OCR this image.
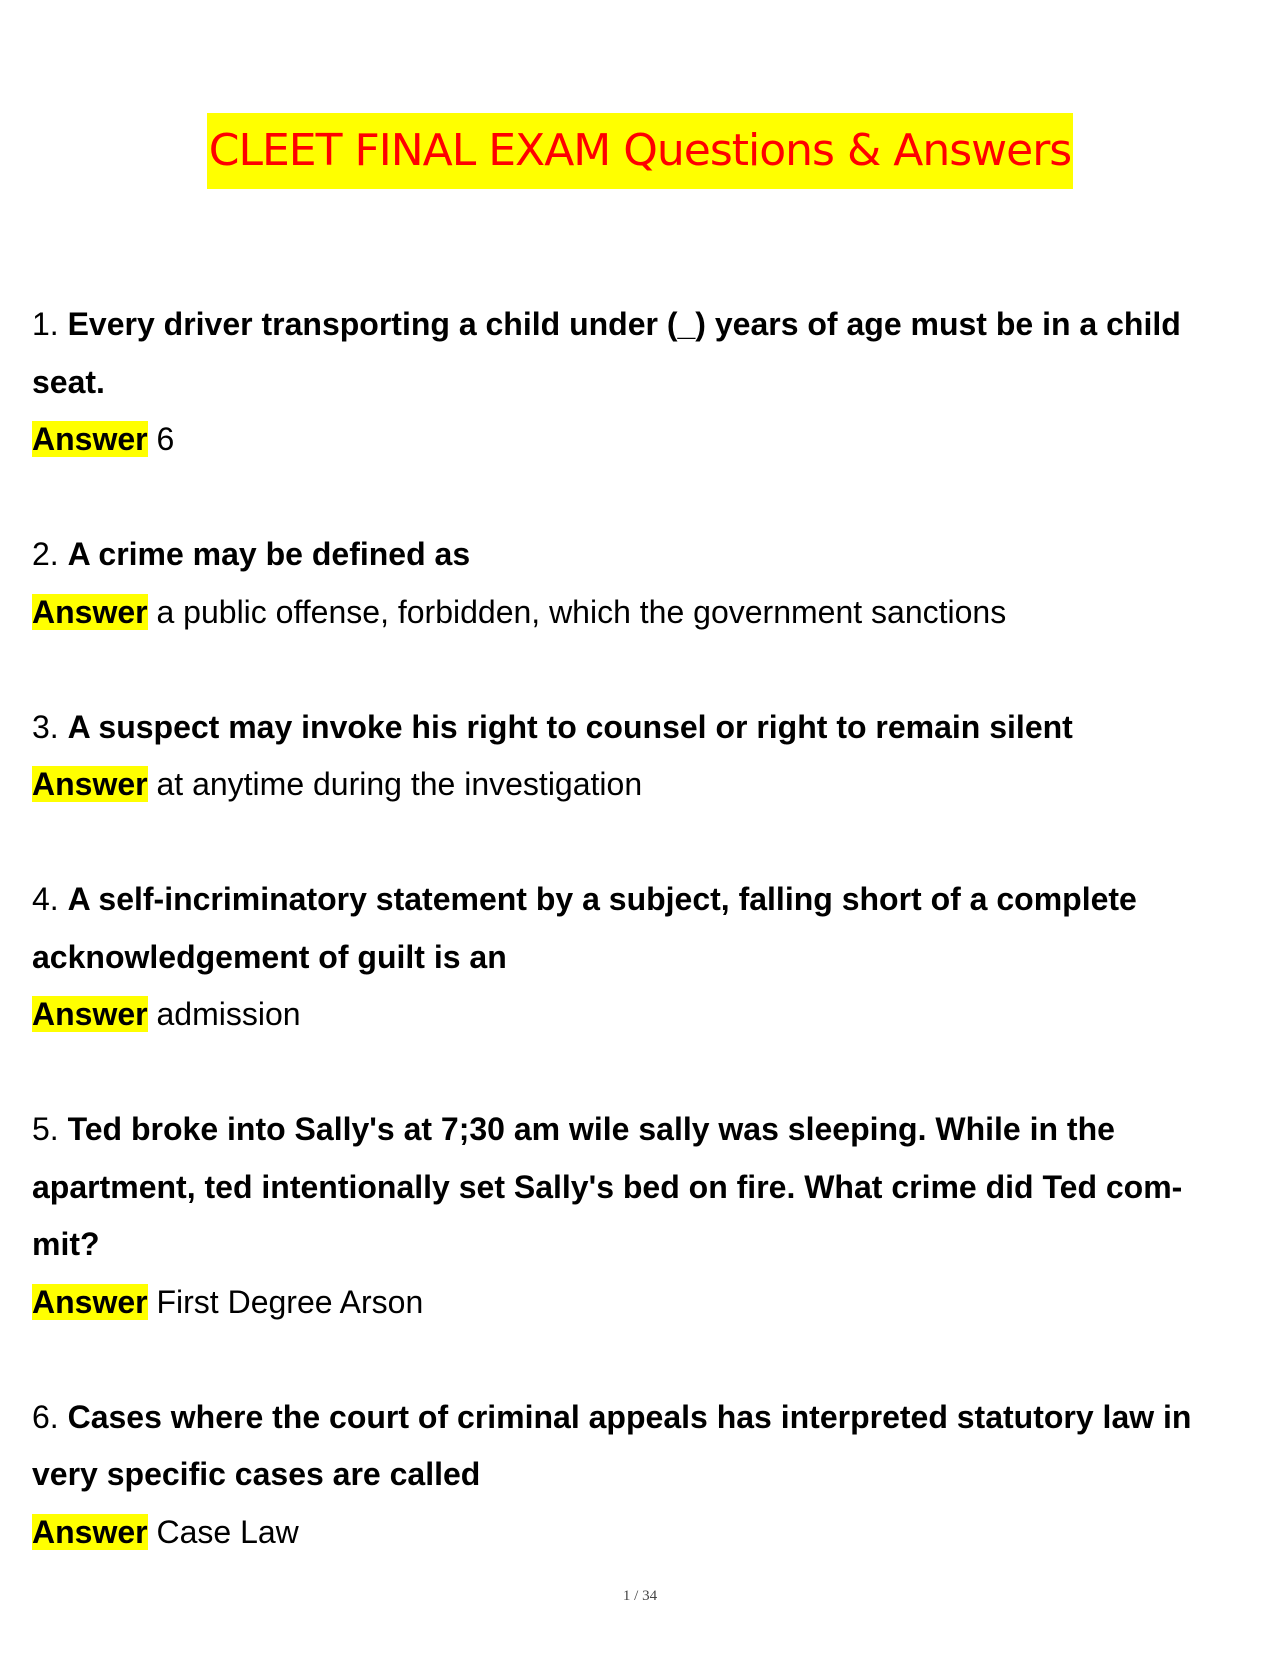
CLEET FINAL EXAM Questions & Answers
1. Every driver transporting a child under (_) years of age must be in a child seat.
Answer 6
2. A crime may be defined as
Answer a public offense, forbidden, which the government sanctions
3. A suspect may invoke his right to counsel or right to remain silent
Answer at anytime during the investigation
4. A self-incriminatory statement by a subject, falling short of a complete acknowledgement of guilt is an
Answer admission
5. Ted broke into Sally's at 7;30 am wile sally was sleeping. While in the apartment, ted intentionally set Sally's bed on fire. What crime did Ted com- mit?
Answer First Degree Arson
6. Cases where the court of criminal appeals has interpreted statutory law in very specific cases are called
Answer Case Law
1 / 34
